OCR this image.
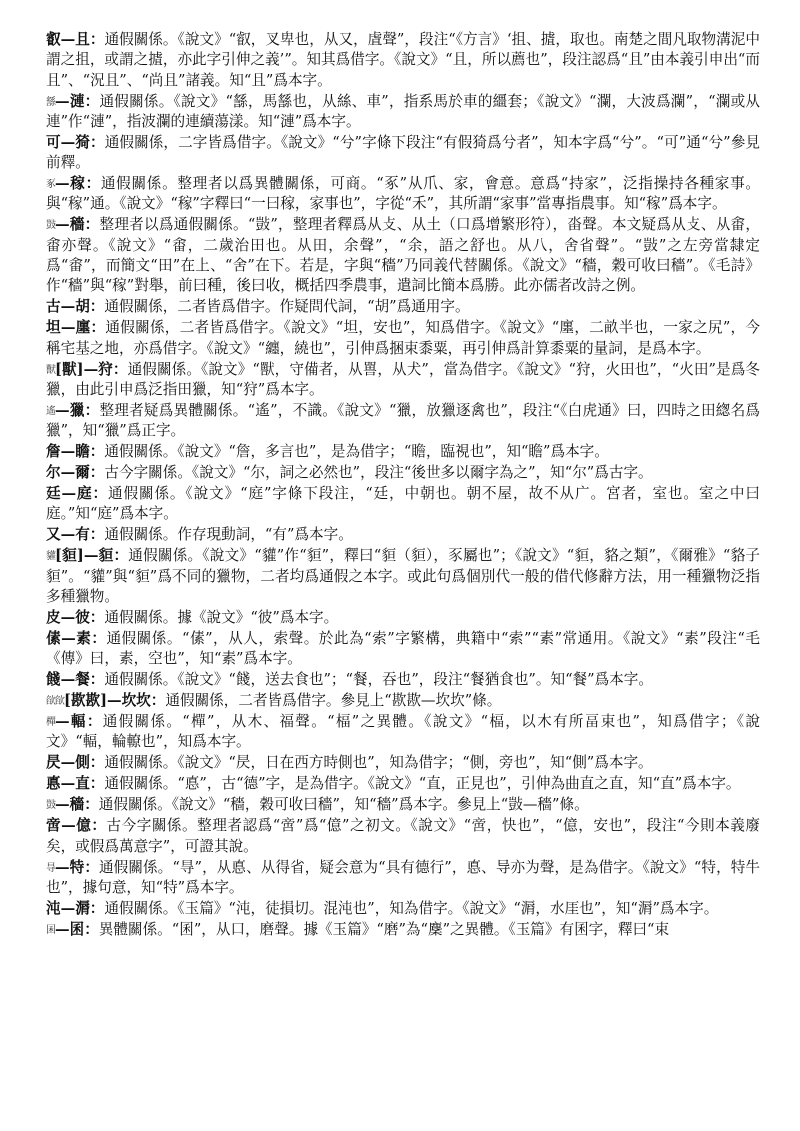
叡—且：通假關係。《說文》“叡，叉卑也，从又，虘聲”，段注“《方言》‘抯、摣，取也。南楚之間凡取物溝泥中謂之抯，或謂之摣，亦此字引伸之義’”。知其爲借字。《說文》“且，所以薦也”，段注認爲“且”由本義引申出“而且”、“況且”、“尚且”諸義。知“且”爲本字。

䌛—漣：通假關係。《說文》“䌛，馬䌛也，从絲、車”，指系馬於車的繮套；《說文》“瀾，大波爲瀾”，“瀾或从連”作“漣”，指波瀾的連續蕩漾。知“漣”爲本字。

可—猗：通假關係，二字皆爲借字。《說文》“兮”字條下段注“有假猗爲兮者”，知本字爲“兮”。“可”通“兮”參見前釋。

豖—稼：通假關係。整理者以爲異體關係，可商。“豖”从爪、家，會意。意爲“持家”，泛指操持各種家事。與“稼”通。《說文》“稼”字釋曰“一曰稼，家事也”，字從“禾”，其所謂“家事”當專指農事。知“稼”爲本字。

敱—穡：整理者以爲通假關係。“敱”，整理者釋爲从攴、从土（口爲增繁形符），畓聲。本文疑爲从攴、从畬，畬亦聲。《說文》“畬，二歲治田也。从田，余聲”，“余，語之舒也。从八，舍省聲”。“敱”之左旁當隸定爲“畬”，而簡文“田”在上、“舍”在下。若是，字與“穡”乃同義代替關係。《說文》“穡，穀可收曰穡”。《毛詩》作“穡”與“稼”對舉，前曰種，後曰收，概括四季農事，遣詞比簡本爲勝。此亦儒者改詩之例。

古—胡：通假關係，二者皆爲借字。作疑問代詞，“胡”爲通用字。

坦—廛：通假關係，二者皆爲借字。《說文》“坦，安也”，知爲借字。《說文》“廛，二畝半也，一家之尻”，今稱宅基之地，亦爲借字。《說文》“纏，繞也”，引伸爲捆束黍粟，再引伸爲計算黍粟的量詞，是爲本字。

獸[獸]—狩：通假關係。《說文》“獸，守備者，从嘼，从犬”，當為借字。《說文》“狩，火田也”，“火田”是爲冬獵，由此引申爲泛指田獵，知“狩”爲本字。

遙—獵：整理者疑爲異體關係。“遙”，不識。《說文》“獵，放獵逐禽也”，段注“《白虎通》曰，四時之田緫名爲獵”，知“獵”爲正字。

詹—瞻：通假關係。《說文》“詹，多言也”，是為借字；“瞻，臨視也”，知“瞻”爲本字。

尔—爾：古今字關係。《說文》“尔，詞之必然也”，段注“後世多以爾字為之”，知“尔”爲古字。

廷—庭：通假關係。《說文》“庭”字條下段注，“廷，中朝也。朝不屋，故不从广。宮者，室也。室之中曰庭。”知“庭”爲本字。

又—有：通假關係。作存現動詞，“有”爲本字。

貛[貆]—貆：通假關係。《說文》“貛”作“貆”，釋曰“貆（貆），豕屬也”；《說文》“貆，貉之類”，《爾雅》“貉子貆”。“貛”與“貆”爲不同的獵物，二者均爲通假之本字。或此句爲個別代一般的借代修辭方法，用一種獵物泛指多種獵物。

皮—彼：通假關係。據《說文》“彼”爲本字。

傃—素：通假關係。“傃”，从人，索聲。於此為“索”字繁構，典籍中“索”“素”常通用。《說文》“素”段注“毛《傳》曰，素，空也”，知“素”爲本字。

餞—餐：通假關係。《說文》“餞，送去食也”；“餐，吞也”，段注“餐猶食也”。知“餐”爲本字。

欿欿[歁歁]—坎坎：通假關係，二者皆爲借字。參見上“歁歁—坎坎”條。

樿—輻：通假關係。“樿”，从木、福聲。“楅”之異體。《說文》“楅，以木有所畐束也”，知爲借字；《說文》“輻，輪轑也”，知爲本字。

昃—側：通假關係。《說文》“昃，日在西方時側也”，知為借字；“側，旁也”，知“側”爲本字。

悳—直：通假關係。“悳”，古“德”字，是為借字。《說文》“直，正見也”，引伸為曲直之直，知“直”爲本字。

敱—穡：通假關係。《說文》“穡，穀可收曰穡”，知“穡”爲本字。參見上“敱—穡”條。

啻—億：古今字關係。整理者認爲“啻”爲“億”之初文。《說文》“啻，快也”，“億，安也”，段注“今則本義廢矣，或假爲萬意字”，可證其說。

㝵—特：通假關係。“㝵”，从悳、从得省，疑会意为“具有德行”，悳、导亦为聲，是為借字。《說文》“特，特牛也”，據句意，知“特”爲本字。

沌—漘：通假關係。《玉篇》“沌，徒損切。混沌也”，知為借字。《說文》“漘，水厓也”，知“漘”爲本字。

囷—囷：異體關係。“囷”，从口，磨聲。據《玉篇》“磨”為“麇”之異體。《玉篇》有囷字，釋曰“束
